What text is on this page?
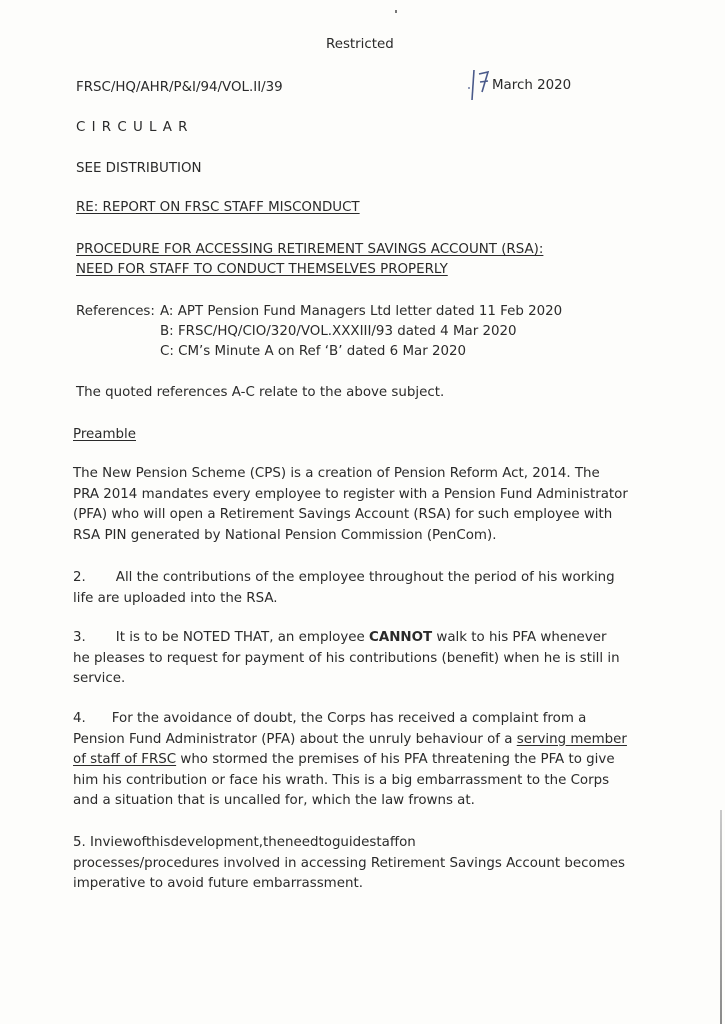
Restricted
FRSC/HQ/AHR/P&I/94/VOL.II/39	March 2020
C I R C U L A R
SEE DISTRIBUTION
RE: REPORT ON FRSC STAFF MISCONDUCT
PROCEDURE FOR ACCESSING RETIREMENT SAVINGS ACCOUNT (RSA):
NEED FOR STAFF TO CONDUCT THEMSELVES PROPERLY
References: A: APT Pension Fund Managers Ltd letter dated 11 Feb 2020
B: FRSC/HQ/CIO/320/VOL.XXXIII/93 dated 4 Mar 2020
C: CM’s Minute A on Ref ‘B’ dated 6 Mar 2020
The quoted references A-C relate to the above subject.
Preamble
The New Pension Scheme (CPS) is a creation of Pension Reform Act, 2014. The
PRA 2014 mandates every employee to register with a Pension Fund Administrator
(PFA) who will open a Retirement Savings Account (RSA) for such employee with
RSA PIN generated by National Pension Commission (PenCom).
2. All the contributions of the employee throughout the period of his working
life are uploaded into the RSA.
3. It is to be NOTED THAT, an employee CANNOT walk to his PFA whenever
he pleases to request for payment of his contributions (benefit) when he is still in
service.
4. For the avoidance of doubt, the Corps has received a complaint from a
Pension Fund Administrator (PFA) about the unruly behaviour of a serving member
of staff of FRSC who stormed the premises of his PFA threatening the PFA to give
him his contribution or face his wrath. This is a big embarrassment to the Corps
and a situation that is uncalled for, which the law frowns at.
5. Inviewofthisdevelopment,theneedtoguidestaffon
processes/procedures involved in accessing Retirement Savings Account becomes
imperative to avoid future embarrassment.
